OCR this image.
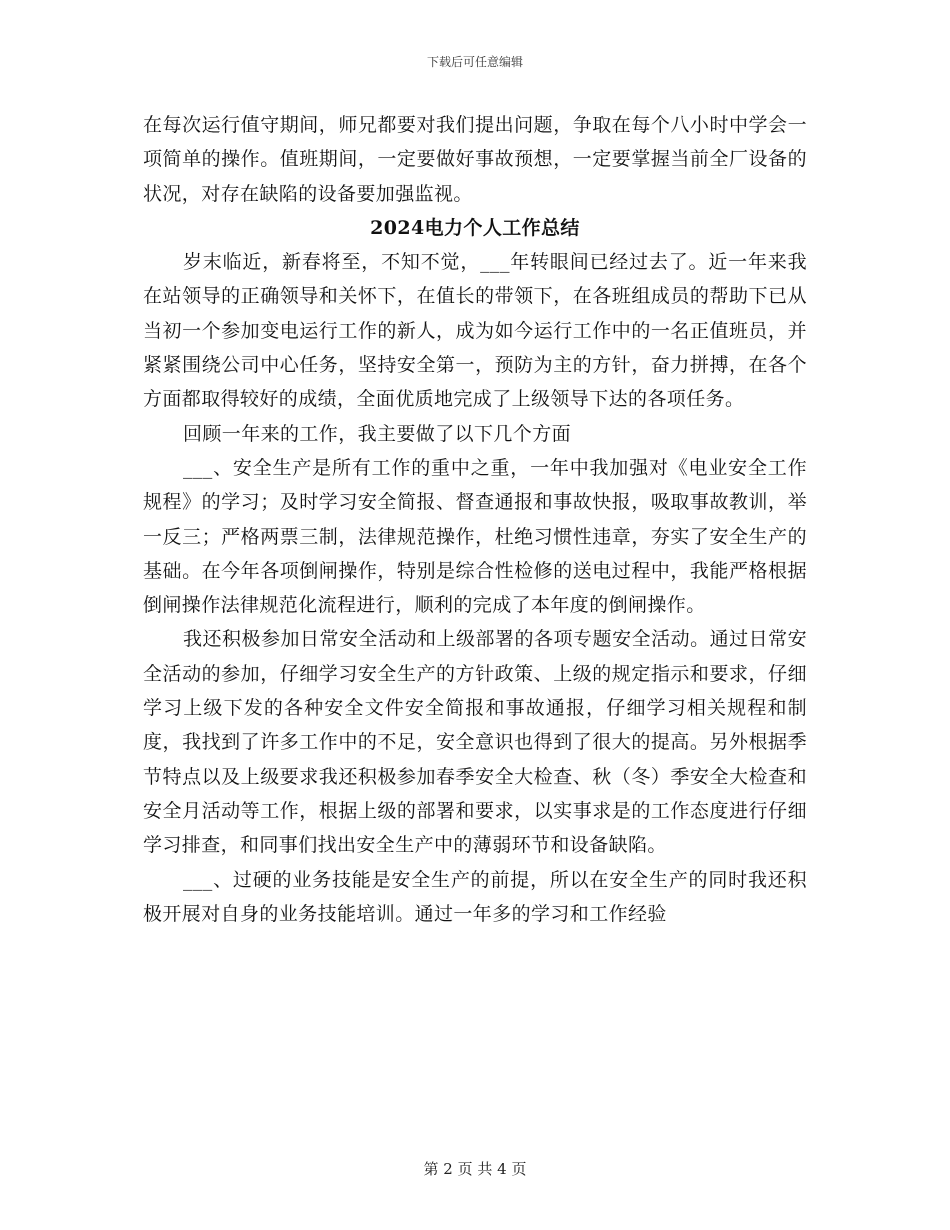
下载后可任意编辑

在每次运行值守期间，师兄都要对我们提出问题，争取在每个八小时中学会一项简单的操作。值班期间，一定要做好事故预想，一定要掌握当前全厂设备的状况，对存在缺陷的设备要加强监视。

2024电力个人工作总结

岁末临近，新春将至，不知不觉，___年转眼间已经过去了。近一年来我在站领导的正确领导和关怀下，在值长的带领下，在各班组成员的帮助下已从当初一个参加变电运行工作的新人，成为如今运行工作中的一名正值班员，并紧紧围绕公司中心任务，坚持安全第一，预防为主的方针，奋力拼搏，在各个方面都取得较好的成绩，全面优质地完成了上级领导下达的各项任务。

回顾一年来的工作，我主要做了以下几个方面

___、安全生产是所有工作的重中之重，一年中我加强对《电业安全工作规程》的学习；及时学习安全简报、督查通报和事故快报，吸取事故教训，举一反三；严格两票三制，法律规范操作，杜绝习惯性违章，夯实了安全生产的基础。在今年各项倒闸操作，特别是综合性检修的送电过程中，我能严格根据倒闸操作法律规范化流程进行，顺利的完成了本年度的倒闸操作。

我还积极参加日常安全活动和上级部署的各项专题安全活动。通过日常安全活动的参加，仔细学习安全生产的方针政策、上级的规定指示和要求，仔细学习上级下发的各种安全文件安全简报和事故通报，仔细学习相关规程和制度，我找到了许多工作中的不足，安全意识也得到了很大的提高。另外根据季节特点以及上级要求我还积极参加春季安全大检查、秋（冬）季安全大检查和安全月活动等工作，根据上级的部署和要求，以实事求是的工作态度进行仔细学习排查，和同事们找出安全生产中的薄弱环节和设备缺陷。

___、过硬的业务技能是安全生产的前提，所以在安全生产的同时我还积极开展对自身的业务技能培训。通过一年多的学习和工作经验

第 2 页 共 4 页
